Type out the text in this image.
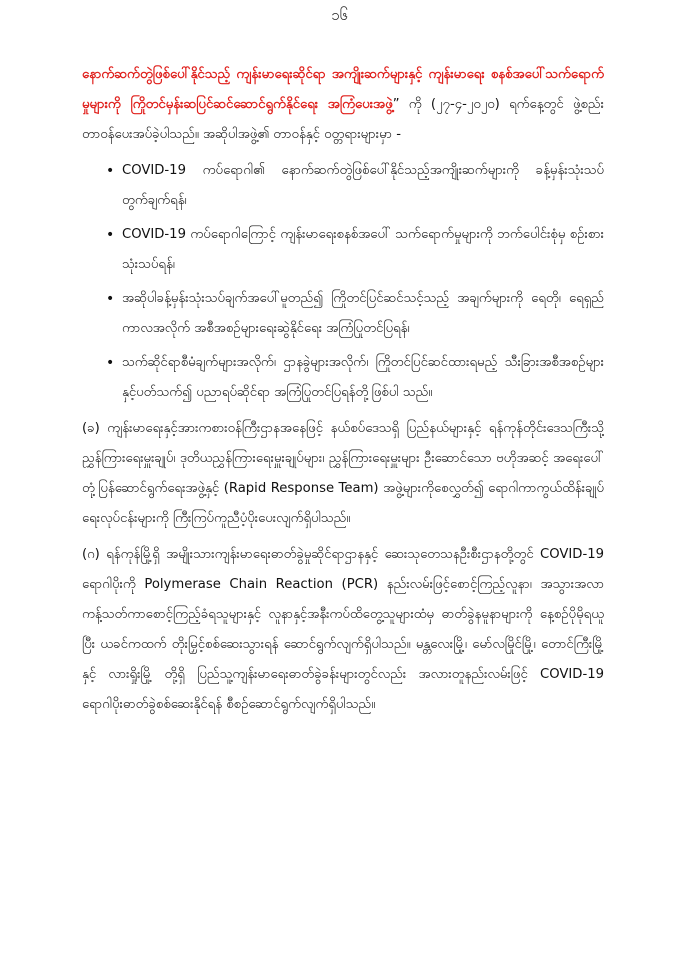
၁၆

နောက်ဆက်တွဲဖြစ်ပေါ်နိုင်သည့် ကျန်းမာရေးဆိုင်ရာ အကျိုးဆက်များနှင့် ကျန်းမာရေး စနစ်အပေါ်သက်ရောက်မှုများကို ကြိုတင်မှန်းဆပြင်ဆင်ဆောင်ရွက်နိုင်ရေး အကြံပေးအဖွဲ့” ကို (၂၇-၄-၂၀၂၀) ရက်နေ့တွင် ဖွဲ့စည်းတာဝန်ပေးအပ်ခဲ့ပါသည်။ အဆိုပါအဖွဲ့၏ တာဝန်နှင့် ဝတ္တရားများမှာ -

• COVID-19 ကပ်ရောဂါ၏ နောက်ဆက်တွဲဖြစ်ပေါ်နိုင်သည့်အကျိုးဆက်များကို ခန့်မှန်းသုံးသပ်တွက်ချက်ရန်၊
• COVID-19 ကပ်ရောဂါကြောင့် ကျန်းမာရေးစနစ်အပေါ် သက်ရောက်မှုများကို ဘက်ပေါင်းစုံမှ စဉ်းစားသုံးသပ်ရန်၊
• အဆိုပါခန့်မှန်းသုံးသပ်ချက်အပေါ်မူတည်၍ ကြိုတင်ပြင်ဆင်သင့်သည့် အချက်များကို ရေတို၊ ရေရှည်ကာလအလိုက် အစီအစဉ်များရေးဆွဲနိုင်ရေး အကြံပြုတင်ပြရန်၊
• သက်ဆိုင်ရာစီမံချက်များအလိုက်၊ ဌာနခွဲများအလိုက်၊ ကြိုတင်ပြင်ဆင်ထားရမည့် သီးခြားအစီအစဉ်များနှင့်ပတ်သက်၍ ပညာရပ်ဆိုင်ရာ အကြံပြုတင်ပြရန်တို့ဖြစ်ပါ သည်။

(ခ) ကျန်းမာရေးနှင့်အားကစားဝန်ကြီးဌာနအနေဖြင့် နယ်စပ်ဒေသရှိ ပြည်နယ်များနှင့် ရန်ကုန်တိုင်းဒေသကြီးသို့ညွှန်ကြားရေးမှူးချုပ်၊ ဒုတိယညွှန်ကြားရေးမှူးချုပ်များ၊ ညွှန်ကြားရေးမှူးများ ဦးဆောင်သော ဗဟိုအဆင့် အရေးပေါ်တုံ့ပြန်ဆောင်ရွက်ရေးအဖွဲ့နှင့် (Rapid Response Team) အဖွဲ့များကိုစေလွှတ်၍ ရောဂါကာကွယ်ထိန်းချုပ်ရေးလုပ်ငန်းများကို ကြီးကြပ်ကူညီပံ့ပိုးပေးလျက်ရှိပါသည်။

(ဂ) ရန်ကုန်မြို့ရှိ အမျိုးသားကျန်းမာရေးဓာတ်ခွဲမှုဆိုင်ရာဌာနနှင့် ဆေးသုတေသနဦးစီးဌာနတို့တွင် COVID-19 ရောဂါပိုးကို Polymerase Chain Reaction (PCR) နည်းလမ်းဖြင့်စောင့်ကြည့်လူနာ၊ အသွားအလာကန့်သတ်ကာစောင့်ကြည့်ခံရသူများနှင့် လူနာနှင့်အနီးကပ်ထိတွေ့သူများထံမှ ဓာတ်ခွဲနမူနာများကို နေ့စဉ်ပိုမိုရယူပြီး ယခင်ကထက် တိုးမြှင့်စစ်ဆေးသွားရန် ဆောင်ရွက်လျက်ရှိပါသည်။ မန္တလေးမြို့၊ မော်လမြိုင်မြို့၊ တောင်ကြီးမြို့နှင့် လားရှိုးမြို့ တို့ရှိ ပြည်သူ့ကျန်းမာရေးဓာတ်ခွဲခန်းများတွင်လည်း အလားတူနည်းလမ်းဖြင့် COVID-19 ရောဂါပိုးဓာတ်ခွဲစစ်ဆေးနိုင်ရန် စီစဉ်ဆောင်ရွက်လျက်ရှိပါသည်။
